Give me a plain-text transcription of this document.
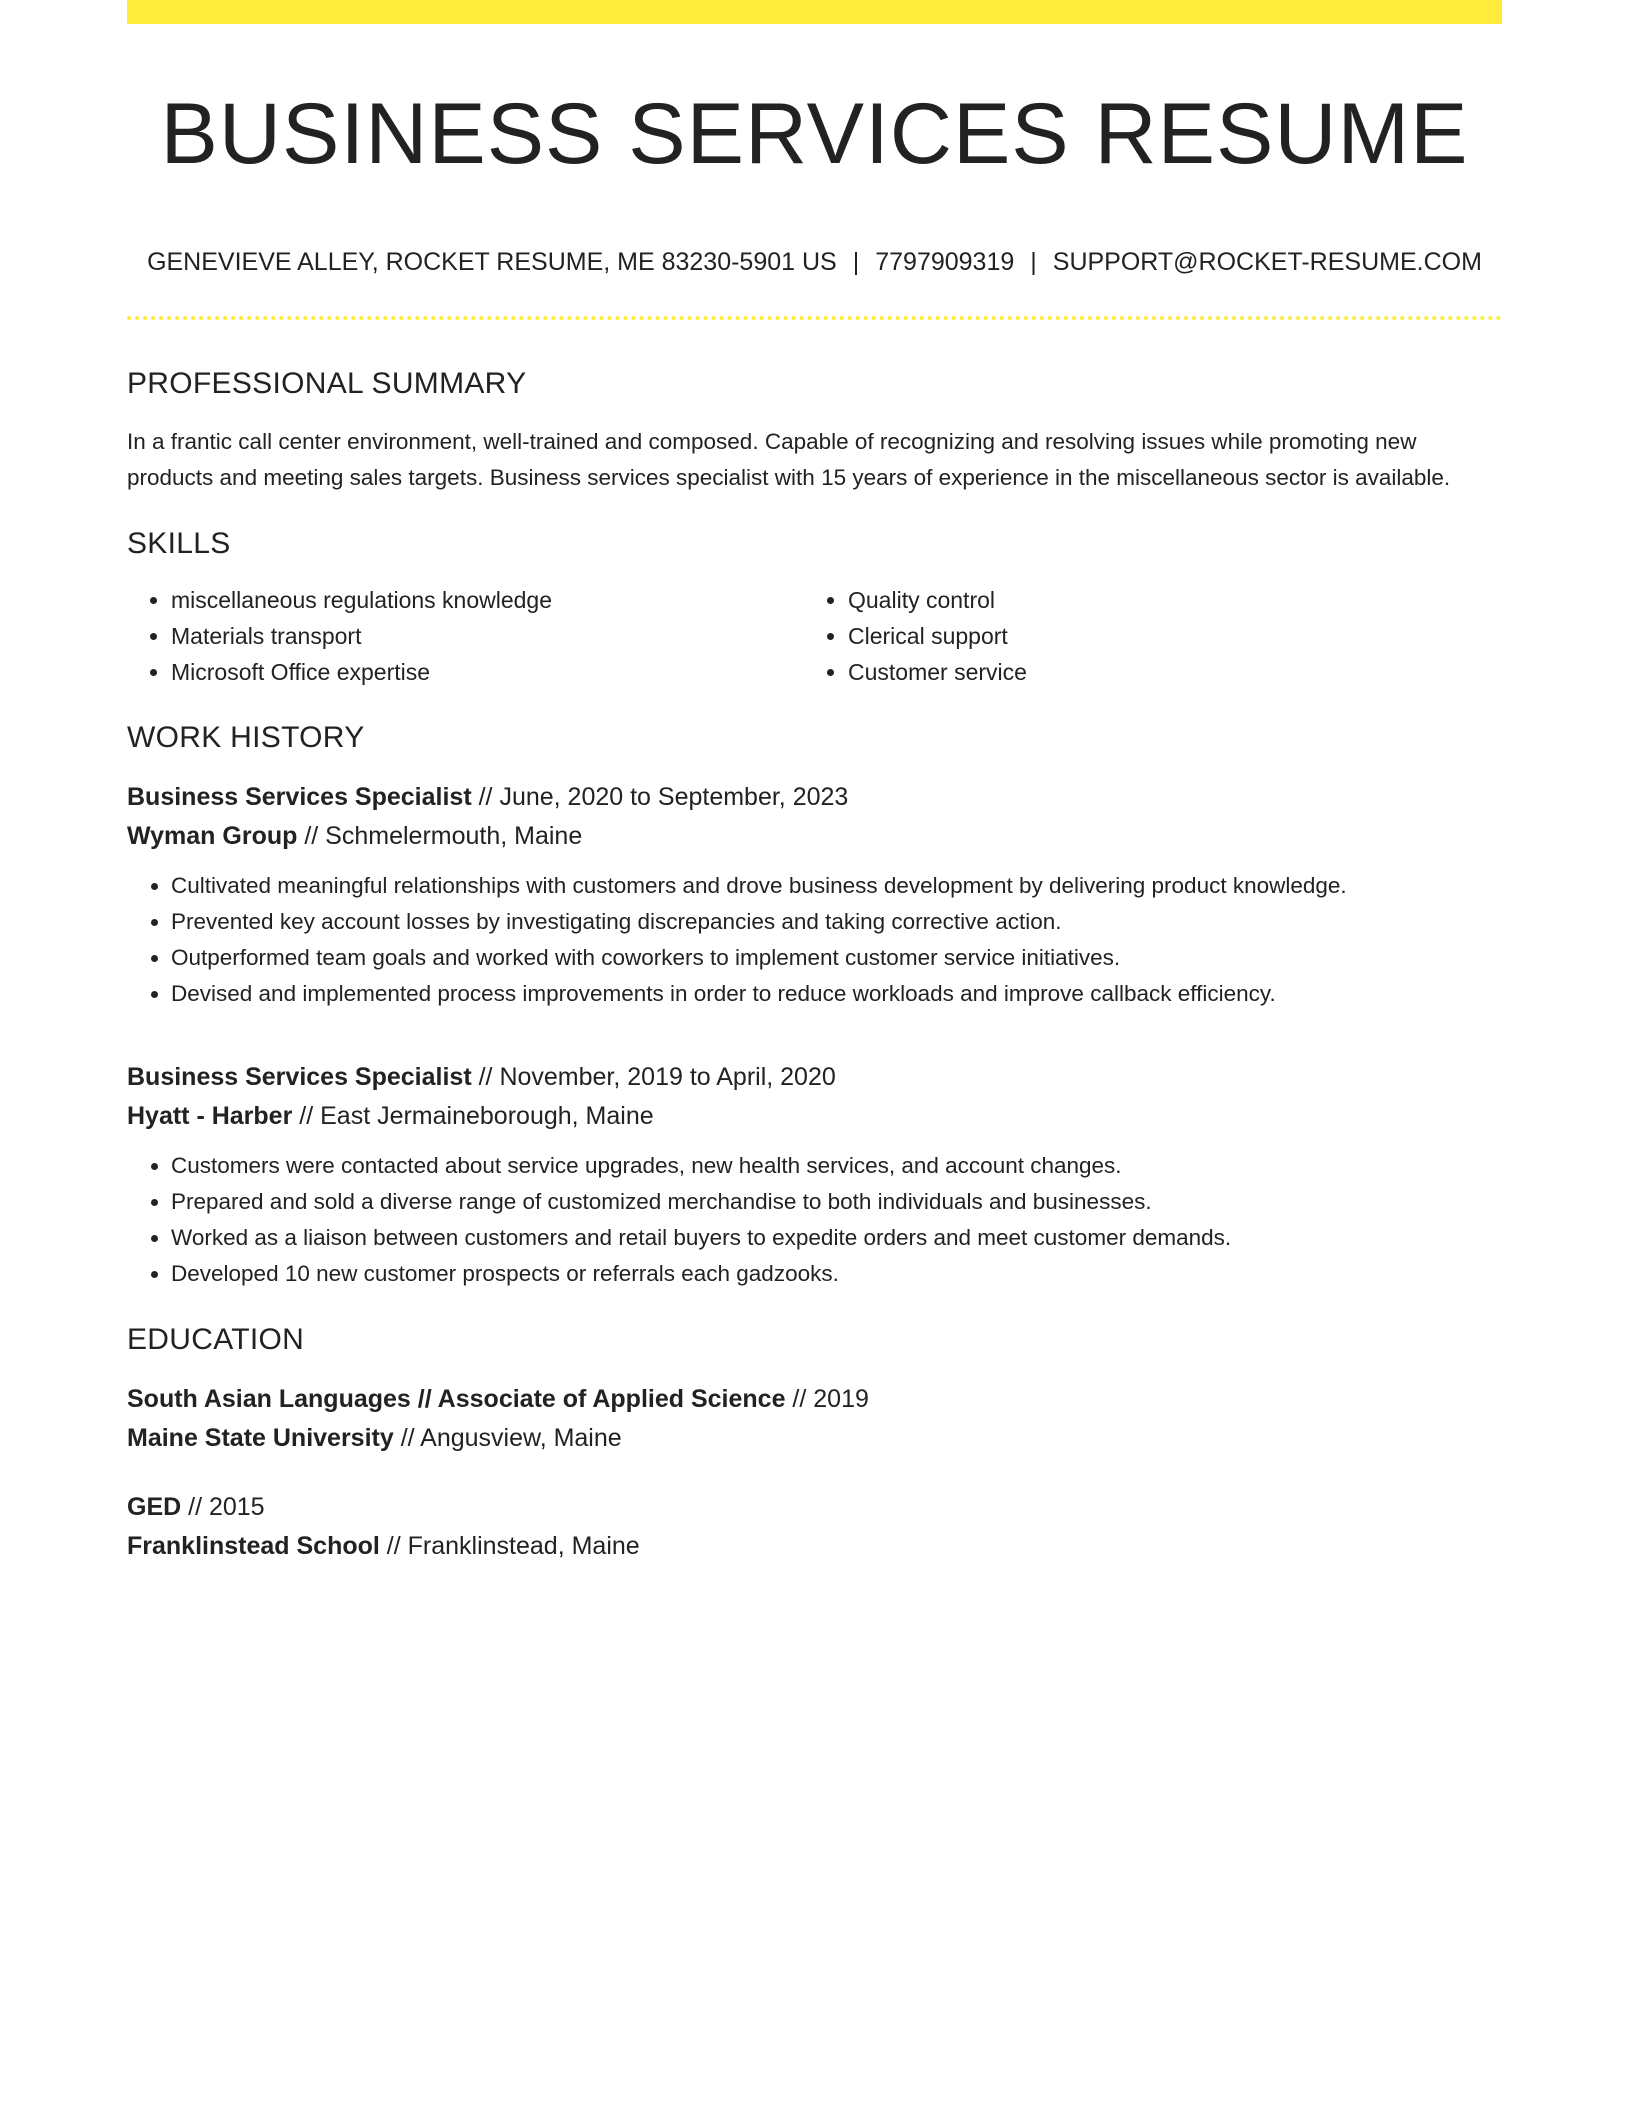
BUSINESS SERVICES RESUME
GENEVIEVE ALLEY, ROCKET RESUME, ME 83230-5901 US | 7797909319 | SUPPORT@ROCKET-RESUME.COM
PROFESSIONAL SUMMARY
In a frantic call center environment, well-trained and composed. Capable of recognizing and resolving issues while promoting new products and meeting sales targets. Business services specialist with 15 years of experience in the miscellaneous sector is available.
SKILLS
• miscellaneous regulations knowledge
• Materials transport
• Microsoft Office expertise
• Quality control
• Clerical support
• Customer service
WORK HISTORY
Business Services Specialist // June, 2020 to September, 2023
Wyman Group // Schmelermouth, Maine
• Cultivated meaningful relationships with customers and drove business development by delivering product knowledge.
• Prevented key account losses by investigating discrepancies and taking corrective action.
• Outperformed team goals and worked with coworkers to implement customer service initiatives.
• Devised and implemented process improvements in order to reduce workloads and improve callback efficiency.
Business Services Specialist // November, 2019 to April, 2020
Hyatt - Harber // East Jermaineborough, Maine
• Customers were contacted about service upgrades, new health services, and account changes.
• Prepared and sold a diverse range of customized merchandise to both individuals and businesses.
• Worked as a liaison between customers and retail buyers to expedite orders and meet customer demands.
• Developed 10 new customer prospects or referrals each gadzooks.
EDUCATION
South Asian Languages // Associate of Applied Science // 2019
Maine State University // Angusview, Maine
GED // 2015
Franklinstead School // Franklinstead, Maine
